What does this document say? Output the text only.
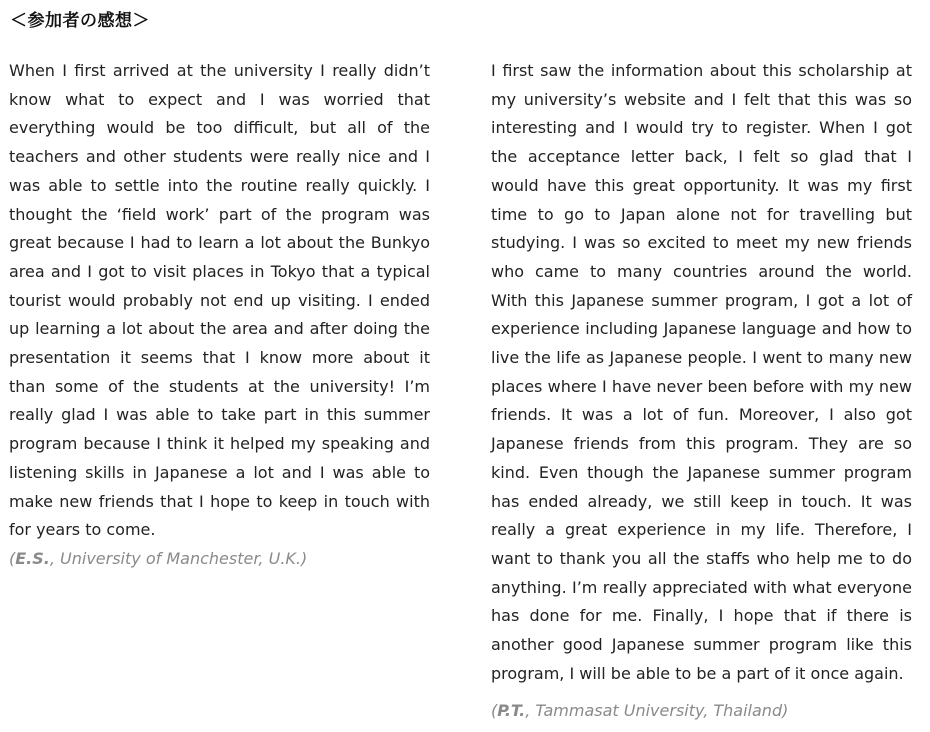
＜参加者の感想＞

When I first arrived at the university I really didn’t know what to expect and I was worried that everything would be too difficult, but all of the teachers and other students were really nice and I was able to settle into the routine really quickly. I thought the ‘field work’ part of the program was great because I had to learn a lot about the Bunkyo area and I got to visit places in Tokyo that a typical tourist would probably not end up visiting. I ended up learning a lot about the area and after doing the presentation it seems that I know more about it than some of the students at the university! I’m really glad I was able to take part in this summer program because I think it helped my speaking and listening skills in Japanese a lot and I was able to make new friends that I hope to keep in touch with for years to come.

(E.S., University of Manchester, U.K.)

I first saw the information about this scholarship at my university’s website and I felt that this was so interesting and I would try to register. When I got the acceptance letter back, I felt so glad that I would have this great opportunity. It was my first time to go to Japan alone not for travelling but studying. I was so excited to meet my new friends who came to many countries around the world. With this Japanese summer program, I got a lot of experience including Japanese language and how to live the life as Japanese people. I went to many new places where I have never been before with my new friends. It was a lot of fun. Moreover, I also got Japanese friends from this program. They are so kind. Even though the Japanese summer program has ended already, we still keep in touch. It was really a great experience in my life. Therefore, I want to thank you all the staffs who help me to do anything. I’m really appreciated with what everyone has done for me. Finally, I hope that if there is another good Japanese summer program like this program, I will be able to be a part of it once again.

(P.T., Tammasat University, Thailand)
